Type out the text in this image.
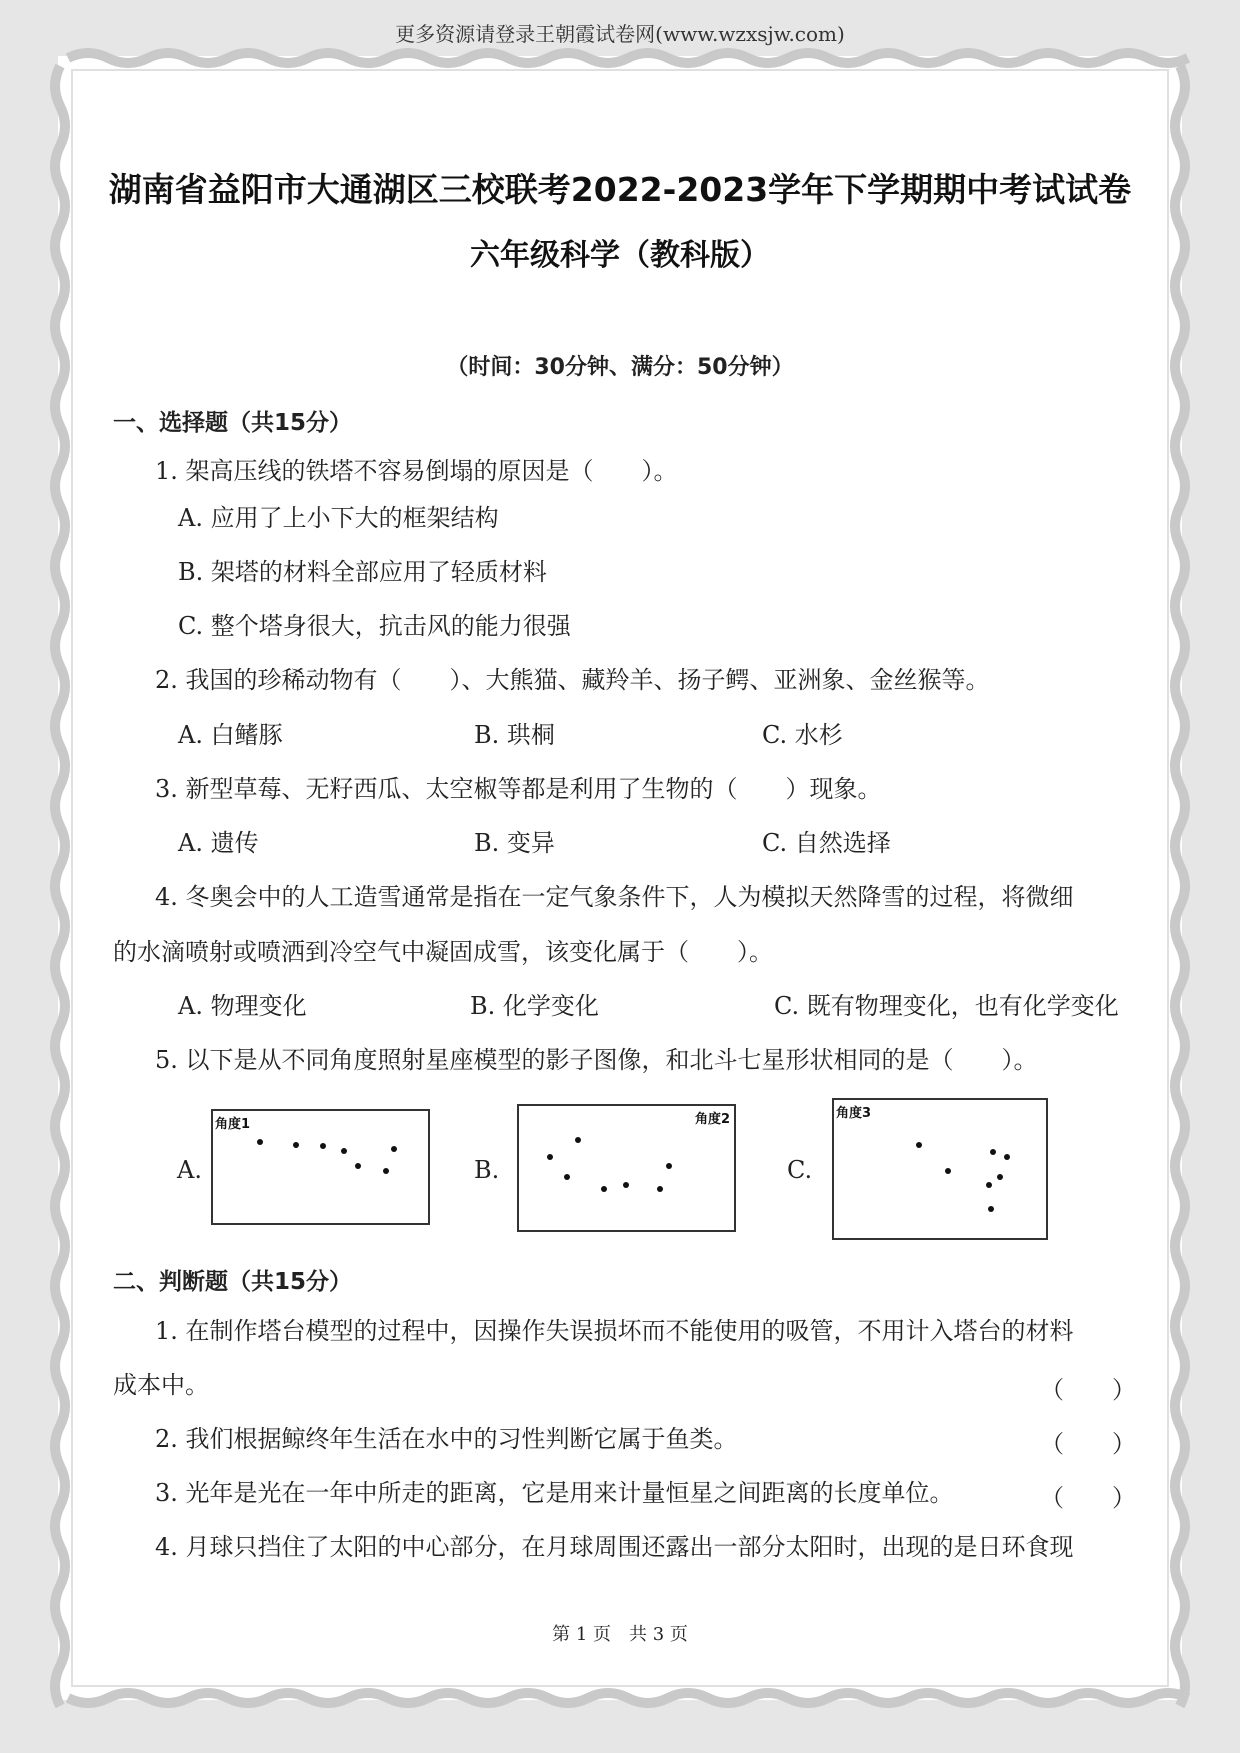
更多资源请登录王朝霞试卷网(www.wzxsjw.com)
湖南省益阳市大通湖区三校联考2022-2023学年下学期期中考试试卷
六年级科学（教科版）
（时间：30分钟、满分：50分钟）
一、选择题（共15分）
1. 架高压线的铁塔不容易倒塌的原因是（　　）。
A. 应用了上小下大的框架结构
B. 架塔的材料全部应用了轻质材料
C. 整个塔身很大，抗击风的能力很强
2. 我国的珍稀动物有（　　）、大熊猫、藏羚羊、扬子鳄、亚洲象、金丝猴等。
A. 白鳍豚	B. 珙桐	C. 水杉
3. 新型草莓、无籽西瓜、太空椒等都是利用了生物的（　　）现象。
A. 遗传	B. 变异	C. 自然选择
4. 冬奥会中的人工造雪通常是指在一定气象条件下，人为模拟天然降雪的过程，将微细
的水滴喷射或喷洒到冷空气中凝固成雪，该变化属于（　　）。
A. 物理变化	B. 化学变化	C. 既有物理变化，也有化学变化
5. 以下是从不同角度照射星座模型的影子图像，和北斗七星形状相同的是（　　）。
A.
角度1
B.
角度2
C.
角度3
二、判断题（共15分）
1. 在制作塔台模型的过程中，因操作失误损坏而不能使用的吸管，不用计入塔台的材料
成本中。	（　　）
2. 我们根据鲸终年生活在水中的习性判断它属于鱼类。	（　　）
3. 光年是光在一年中所走的距离，它是用来计量恒星之间距离的长度单位。	（　　）
4. 月球只挡住了太阳的中心部分，在月球周围还露出一部分太阳时，出现的是日环食现
第 1 页　共 3 页
